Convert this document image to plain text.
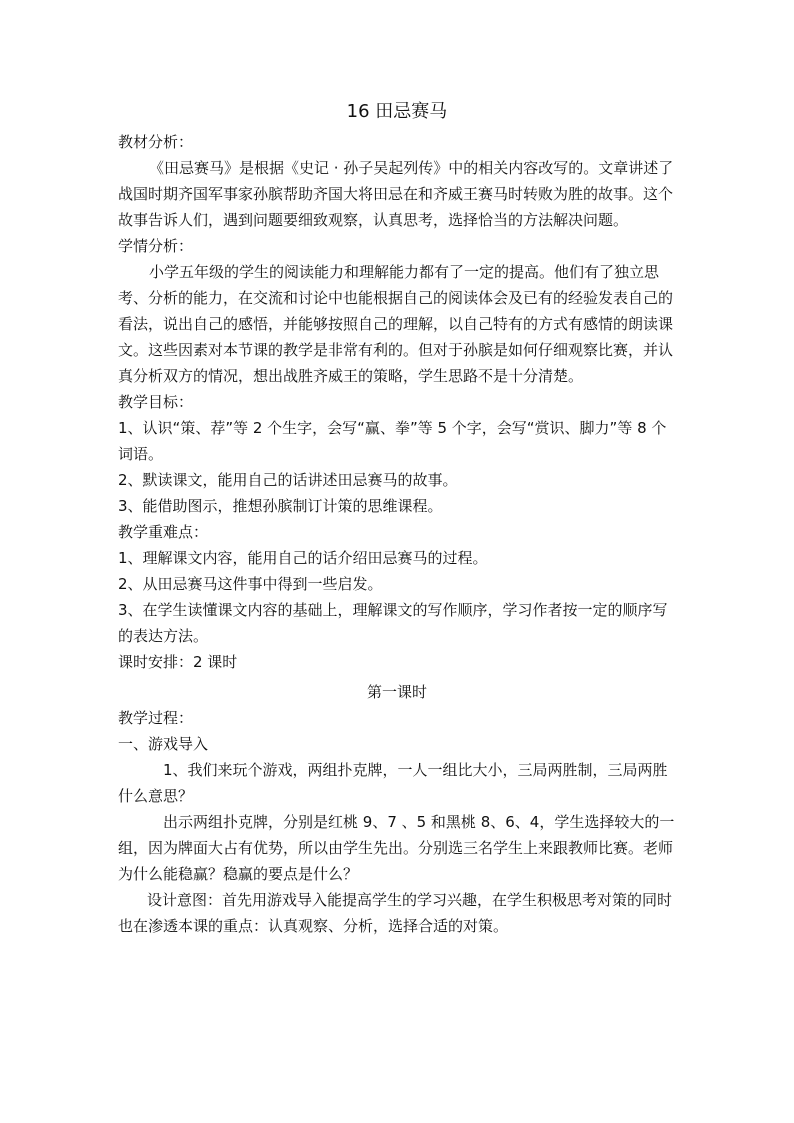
16 田忌赛马

教材分析：

《田忌赛马》是根据《史记 · 孙子吴起列传》中的相关内容改写的。文章讲述了战国时期齐国军事家孙膑帮助齐国大将田忌在和齐威王赛马时转败为胜的故事。这个故事告诉人们，遇到问题要细致观察，认真思考，选择恰当的方法解决问题。

学情分析：

小学五年级的学生的阅读能力和理解能力都有了一定的提高。他们有了独立思考、分析的能力，在交流和讨论中也能根据自己的阅读体会及已有的经验发表自己的看法，说出自己的感悟，并能够按照自己的理解，以自己特有的方式有感情的朗读课文。这些因素对本节课的教学是非常有利的。但对于孙膑是如何仔细观察比赛，并认真分析双方的情况，想出战胜齐威王的策略，学生思路不是十分清楚。

教学目标：

1、认识“策、荐”等 2 个生字，会写“赢、拳”等 5 个字，会写“赏识、脚力”等 8 个词语。

2、默读课文，能用自己的话讲述田忌赛马的故事。

3、能借助图示，推想孙膑制订计策的思维课程。

教学重难点：

1、理解课文内容，能用自己的话介绍田忌赛马的过程。

2、从田忌赛马这件事中得到一些启发。

3、在学生读懂课文内容的基础上，理解课文的写作顺序，学习作者按一定的顺序写的表达方法。

课时安排：2 课时

第一课时

教学过程：

一、游戏导入

1、我们来玩个游戏，两组扑克牌，一人一组比大小，三局两胜制，三局两胜什么意思？

出示两组扑克牌，分别是红桃 9、7 、5 和黑桃 8、6、4，学生选择较大的一组，因为牌面大占有优势，所以由学生先出。分别选三名学生上来跟教师比赛。老师为什么能稳赢？稳赢的要点是什么？

设计意图：首先用游戏导入能提高学生的学习兴趣，在学生积极思考对策的同时也在渗透本课的重点：认真观察、分析，选择合适的对策。
